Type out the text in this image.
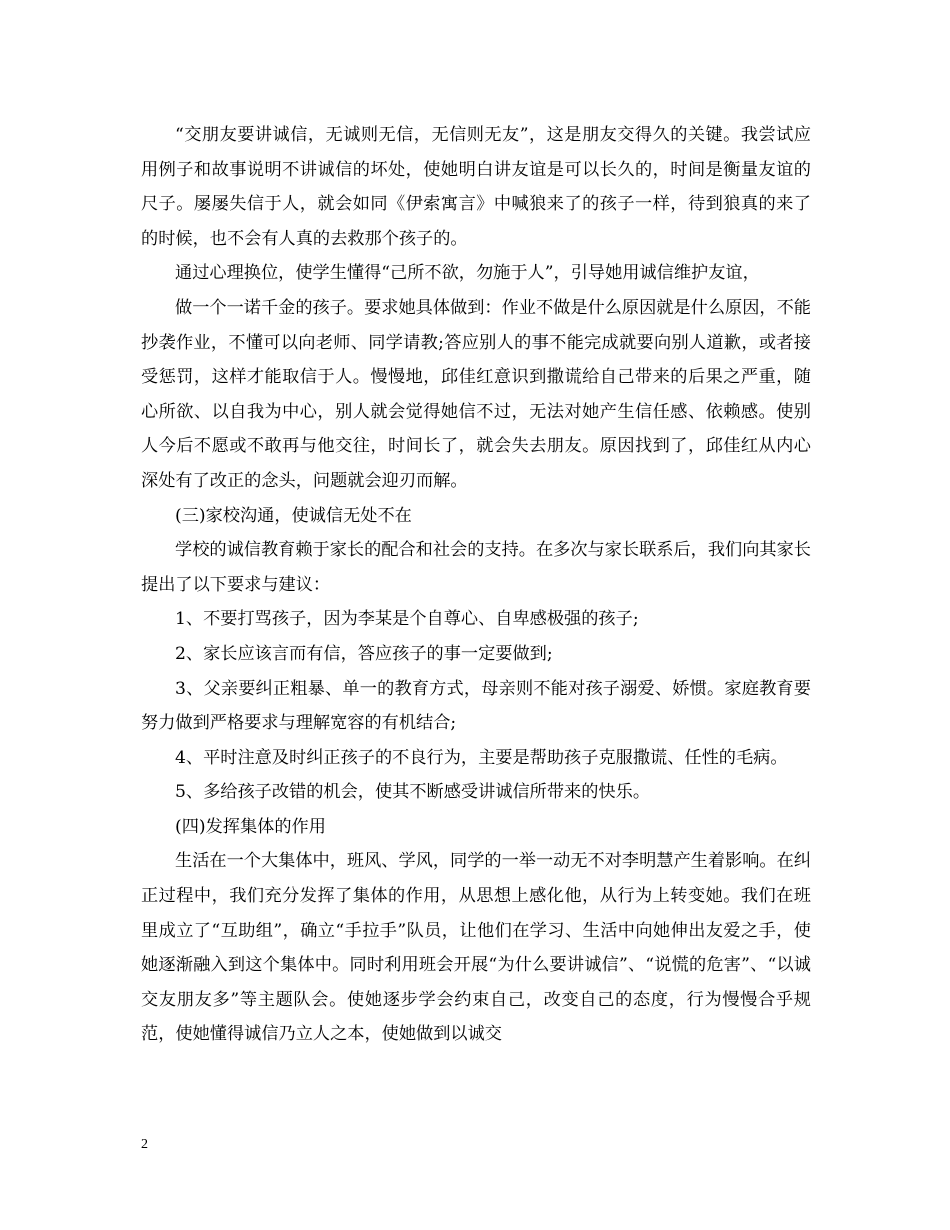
“交朋友要讲诚信，无诚则无信，无信则无友”，这是朋友交得久的关键。我尝试应用例子和故事说明不讲诚信的坏处，使她明白讲友谊是可以长久的，时间是衡量友谊的尺子。屡屡失信于人，就会如同《伊索寓言》中喊狼来了的孩子一样，待到狼真的来了的时候，也不会有人真的去救那个孩子的。

通过心理换位，使学生懂得“己所不欲，勿施于人”，引导她用诚信维护友谊，

做一个一诺千金的孩子。要求她具体做到：作业不做是什么原因就是什么原因，不能抄袭作业，不懂可以向老师、同学请教;答应别人的事不能完成就要向别人道歉，或者接受惩罚，这样才能取信于人。慢慢地，邱佳红意识到撒谎给自己带来的后果之严重，随心所欲、以自我为中心，别人就会觉得她信不过，无法对她产生信任感、依赖感。使别人今后不愿或不敢再与他交往，时间长了，就会失去朋友。原因找到了，邱佳红从内心深处有了改正的念头，问题就会迎刃而解。

(三)家校沟通，使诚信无处不在

学校的诚信教育赖于家长的配合和社会的支持。在多次与家长联系后，我们向其家长提出了以下要求与建议：

1、不要打骂孩子，因为李某是个自尊心、自卑感极强的孩子;

2、家长应该言而有信，答应孩子的事一定要做到;

3、父亲要纠正粗暴、单一的教育方式，母亲则不能对孩子溺爱、娇惯。家庭教育要努力做到严格要求与理解宽容的有机结合;

4、平时注意及时纠正孩子的不良行为，主要是帮助孩子克服撒谎、任性的毛病。

5、多给孩子改错的机会，使其不断感受讲诚信所带来的快乐。

(四)发挥集体的作用

生活在一个大集体中，班风、学风，同学的一举一动无不对李明慧产生着影响。在纠正过程中，我们充分发挥了集体的作用，从思想上感化他，从行为上转变她。我们在班里成立了“互助组”，确立“手拉手”队员，让他们在学习、生活中向她伸出友爱之手，使她逐渐融入到这个集体中。同时利用班会开展“为什么要讲诚信”、“说慌的危害”、“以诚交友朋友多”等主题队会。使她逐步学会约束自己，改变自己的态度，行为慢慢合乎规范，使她懂得诚信乃立人之本，使她做到以诚交

2
